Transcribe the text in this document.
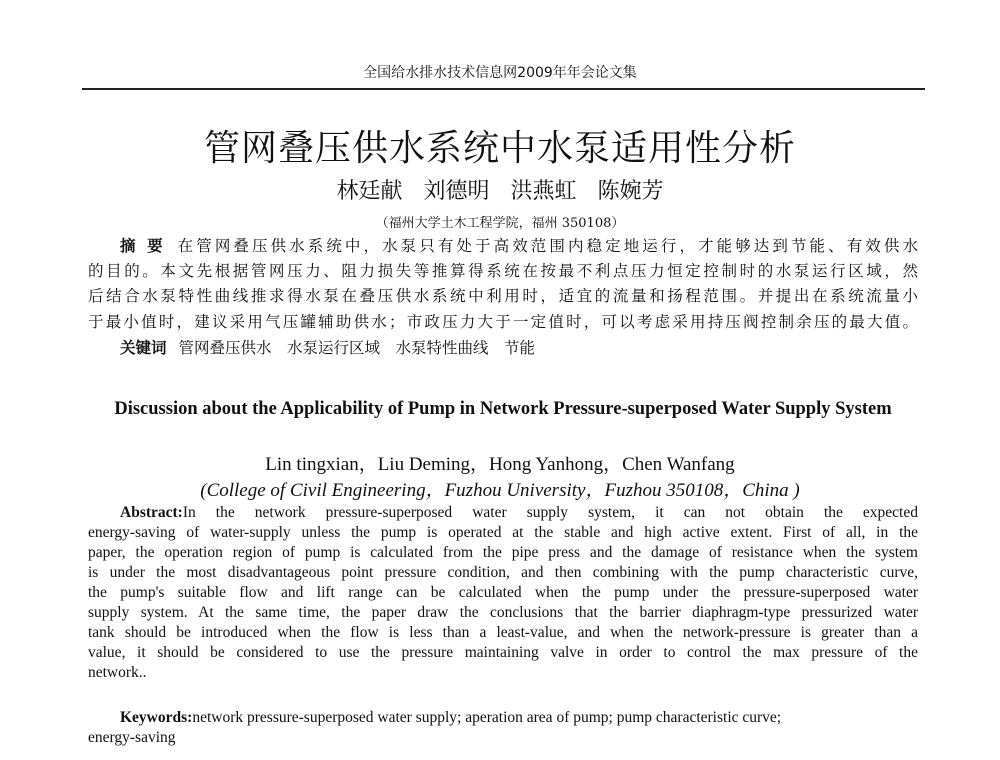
全国给水排水技术信息网2009年年会论文集
管网叠压供水系统中水泵适用性分析
林廷献 刘德明 洪燕虹 陈婉芳
（福州大学土木工程学院，福州 350108）
摘 要 在管网叠压供水系统中，水泵只有处于高效范围内稳定地运行，才能够达到节能、有效供水
的目的。本文先根据管网压力、阻力损失等推算得系统在按最不利点压力恒定控制时的水泵运行区域，然
后结合水泵特性曲线推求得水泵在叠压供水系统中利用时，适宜的流量和扬程范围。并提出在系统流量小
于最小值时，建议采用气压罐辅助供水；市政压力大于一定值时，可以考虑采用持压阀控制余压的最大值。
关键词 管网叠压供水　水泵运行区域　水泵特性曲线　节能
Discussion about the Applicability of Pump in Network Pressure-superposed Water Supply System
Lin tingxian，Liu Deming，Hong Yanhong，Chen Wanfang
(College of Civil Engineering，Fuzhou University，Fuzhou 350108，China )
Abstract:In the network pressure-superposed water supply system, it can not obtain the expected
energy-saving of water-supply unless the pump is operated at the stable and high active extent. First of all, in the
paper, the operation region of pump is calculated from the pipe press and the damage of resistance when the system
is under the most disadvantageous point pressure condition, and then combining with the pump characteristic curve,
the pump's suitable flow and lift range can be calculated when the pump under the pressure-superposed water
supply system. At the same time, the paper draw the conclusions that the barrier diaphragm-type pressurized water
tank should be introduced when the flow is less than a least-value, and when the network-pressure is greater than a
value, it should be considered to use the pressure maintaining valve in order to control the max pressure of the
network..
Keywords:network pressure-superposed water supply; aperation area of pump; pump characteristic curve;
energy-saving
